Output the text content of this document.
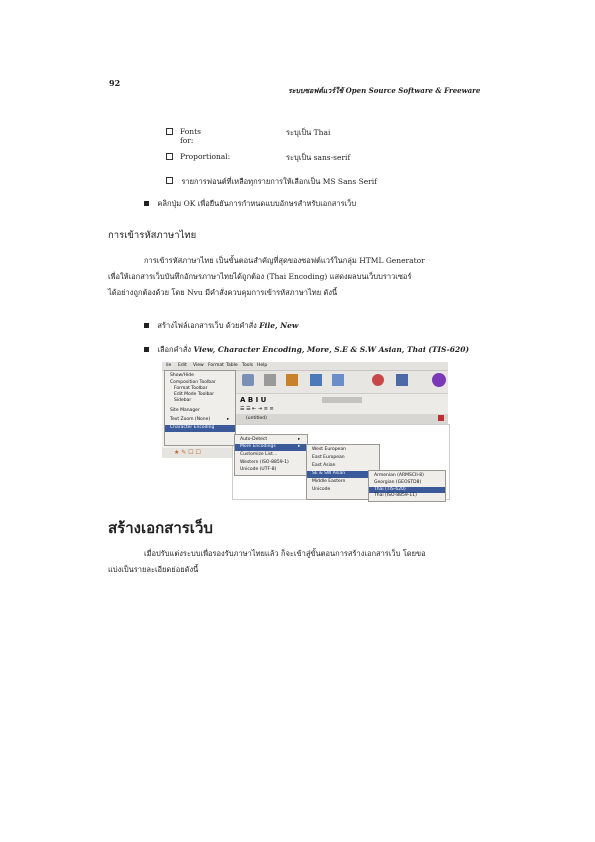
92
ระบบซอฟต์แวร์ใช้ Open Source Software & Freeware
Fonts for:
ระบุเป็น Thai
Proportional:	ระบุเป็น sans-serif
รายการฟอนต์ที่เหลือทุกรายการให้เลือกเป็น MS Sans Serif
คลิกปุ่ม OK เพื่อยืนยันการกำหนดแบบอักษรสำหรับเอกสารเว็บ
การเข้ารหัสภาษาไทย
การเข้ารหัสภาษาไทย เป็นขั้นตอนสำคัญที่สุดของซอฟต์แวร์ในกลุ่ม HTML Generator
เพื่อให้เอกสารเว็บบันทึกอักษรภาษาไทยได้ถูกต้อง (Thai Encoding) แสดงผลบนเว็บบราวเซอร์
ได้อย่างถูกต้องด้วย โดย Nvu มีคำสั่งควบคุมการเข้ารหัสภาษาไทย ดังนี้
สร้างไฟล์เอกสารเว็บ ด้วยคำสั่ง File, New
เลือกคำสั่ง View, Character Encoding, More, S.E & S.W Asian, Thai (TIS-620)
ile Edit View Format Table Tools Help
A B I U
☰ ☰ ⇤ ⇥ ≡ ≡
(untitled)
★ ✎ ☐ ☐
Show/Hide
Composition Toolbar
Format Toolbar
Edit Mode Toolbar
Sidebar
Site Manager
Text Zoom (None)
Character Encoding
▸
Auto-Detect
More Encodings
Customize List...
Western (ISO-8859-1)
Unicode (UTF-8)
▸
▸
West European
East European
East Asian
SE & SW Asian
Middle Eastern
Unicode
Armenian (ARMSCII-8)
Georgian (GEOSTD8)
Thai (TIS-620)
Thai (ISO-8859-11)
สร้างเอกสารเว็บ
เมื่อปรับแต่งระบบเพื่อรองรับภาษาไทยแล้ว ก็จะเข้าสู่ขั้นตอนการสร้างเอกสารเว็บ โดยขอ
แบ่งเป็นรายละเอียดย่อยดังนี้
